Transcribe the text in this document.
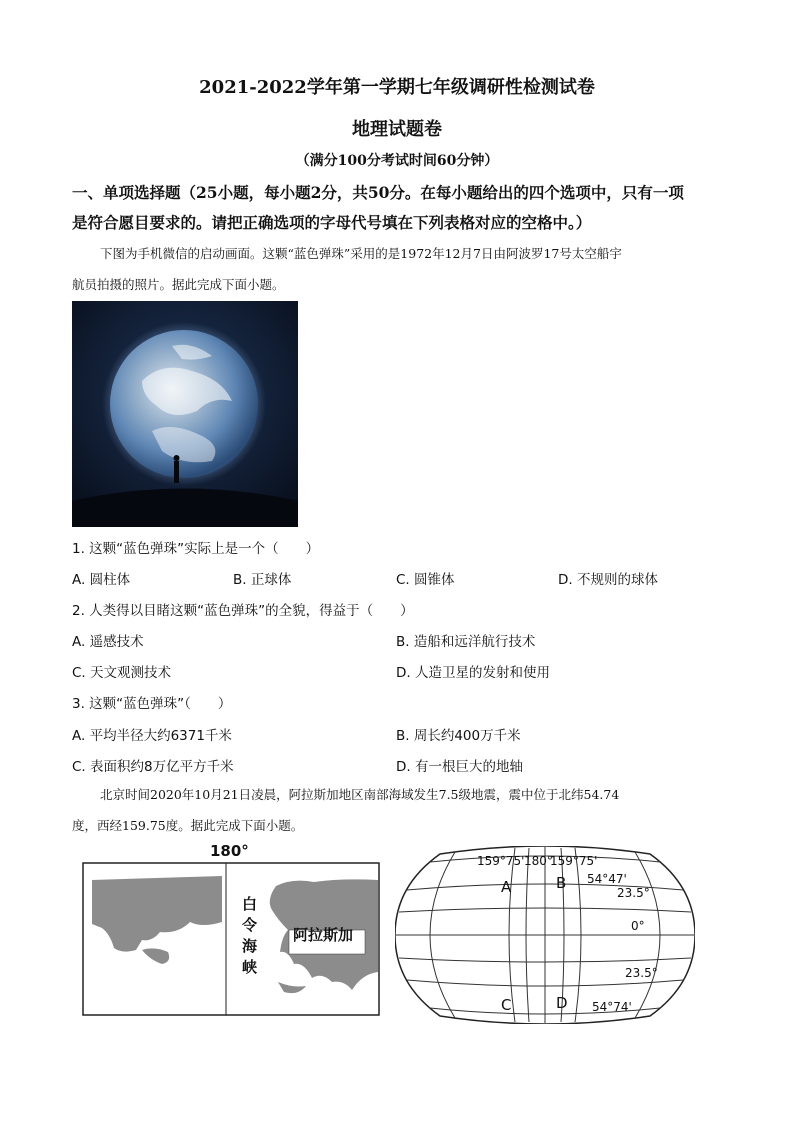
2021-2022学年第一学期七年级调研性检测试卷
地理试题卷
（满分100分考试时间60分钟）
一、单项选择题（25小题，每小题2分，共50分。在每小题给出的四个选项中，只有一项
是符合愿目要求的。请把正确选项的字母代号填在下列表格对应的空格中。）
下图为手机微信的启动画面。这颗“蓝色弹珠”采用的是1972年12月7日由阿波罗17号太空船宇
航员拍摄的照片。据此完成下面小题。
1. 这颗“蓝色弹珠”实际上是一个（　　）
A. 圆柱体	B. 正球体	C. 圆锥体	D. 不规则的球体
2. 人类得以目睹这颗“蓝色弹珠”的全貌，得益于（　　）
A. 遥感技术	B. 造船和远洋航行技术
C. 天文观测技术	D. 人造卫星的发射和使用
3. 这颗“蓝色弹珠”（　　）
A. 平均半径大约6371千米	B. 周长约400万千米
C. 表面积约8万亿平方千米	D. 有一根巨大的地轴
北京时间2020年10月21日凌晨，阿拉斯加地区南部海域发生7.5级地震，震中位于北纬54.74
度，西经159.75度。据此完成下面小题。
180°
白
令
海
峡
阿拉斯加
159°75' 180°
159°75'
54°47'
23.5°
0°
23.5°
54°74'
A	B
C	D
